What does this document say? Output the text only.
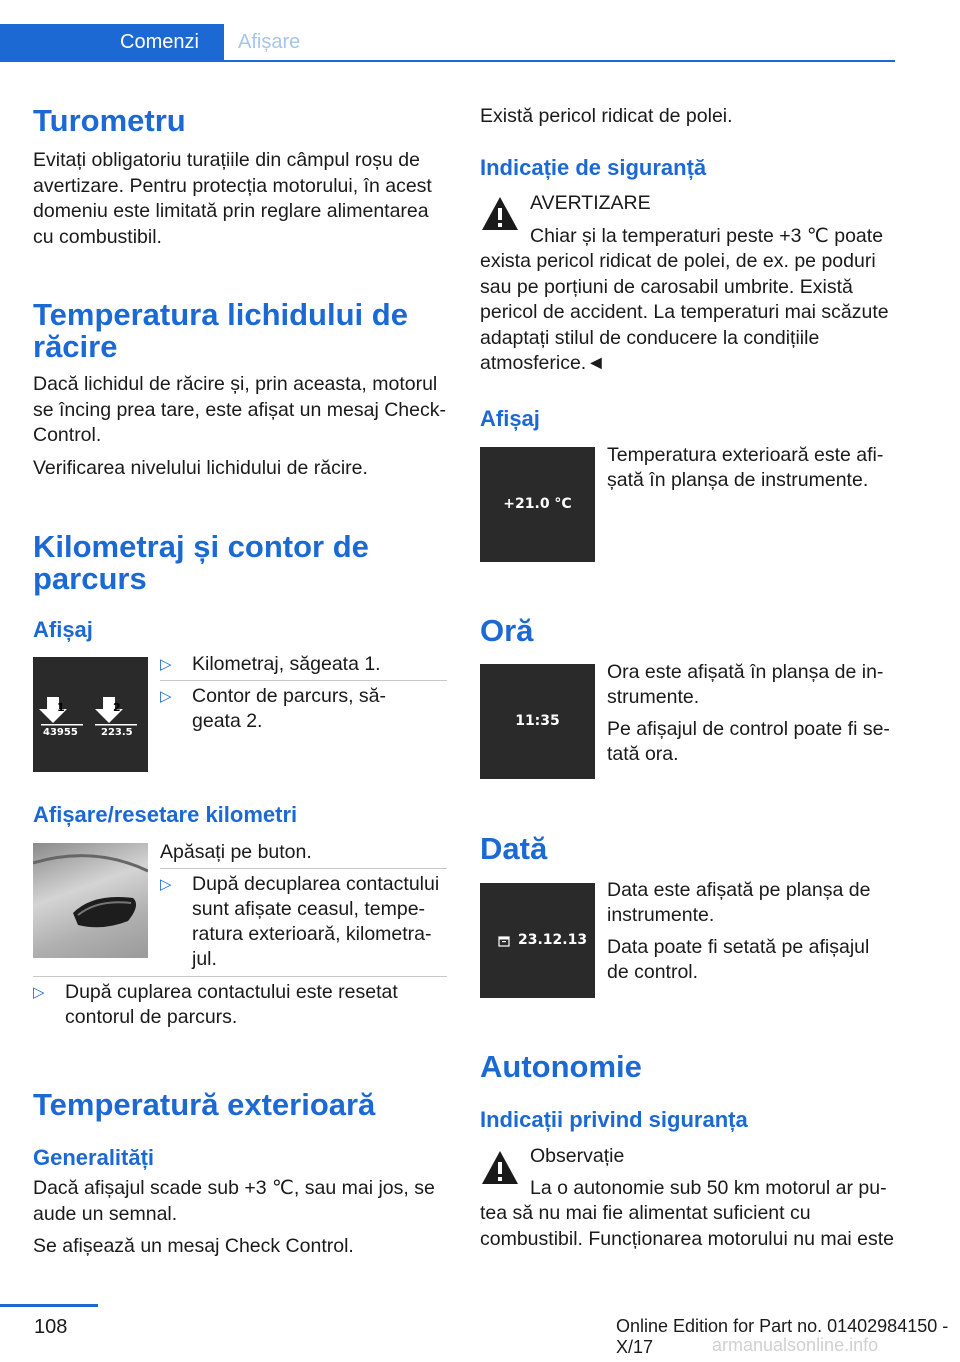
Comenzi	Afișare
Turometru

Evitați obligatoriu turațiile din câmpul roșu de avertizare. Pentru protecția motorului, în acest domeniu este limitată prin reglare alimentarea cu combustibil.

Temperatura lichidului de
răcire

Dacă lichidul de răcire și, prin aceasta, motorul se încing prea tare, este afișat un mesaj Check-Control.

Verificarea nivelului lichidului de răcire.

Kilometraj și contor de
parcurs
Afișaj
1	2
43955 223.5
▷ Kilometraj, săgeata 1.
▷ Contor de parcurs, să-
geata 2.
Afișare/resetare kilometri

Apăsați pe buton.

▷ După decuplarea contactului
sunt afișate ceasul, tempe-
ratura exterioară, kilometra-
jul.
▷ După cuplarea contactului este resetat
contorul de parcurs.
Temperatură exterioară
Generalități

Dacă afișajul scade sub +3 ℃, sau mai jos, se aude un semnal.

Se afișează un mesaj Check Control.

Există pericol ridicat de polei.

Indicație de siguranță

AVERTIZARE

Chiar și la temperaturi peste +3 ℃ poate

exista pericol ridicat de polei, de ex. pe poduri sau pe porțiuni de carosabil umbrite. Există pericol de accident. La temperaturi mai scăzute adaptați stilul de conducere la condițiile atmosferice.◄

Afișaj
+21.0 °C

Temperatura exterioară este afi-

șată în planșa de instrumente.

Oră
11:35

Ora este afișată în planșa de in-

strumente.

Pe afișajul de control poate fi se-

tată ora.

Dată
23.12.13

Data este afișată pe planșa de

instrumente.

Data poate fi setată pe afișajul

de control.

Autonomie
Indicații privind siguranța

Observație

La o autonomie sub 50 km motorul ar pu-

tea să nu mai fie alimentat suficient cu combustibil. Funcționarea motorului nu mai este

108	Online Edition for Part no. 01402984150 - X/17	armanualsonline.info
